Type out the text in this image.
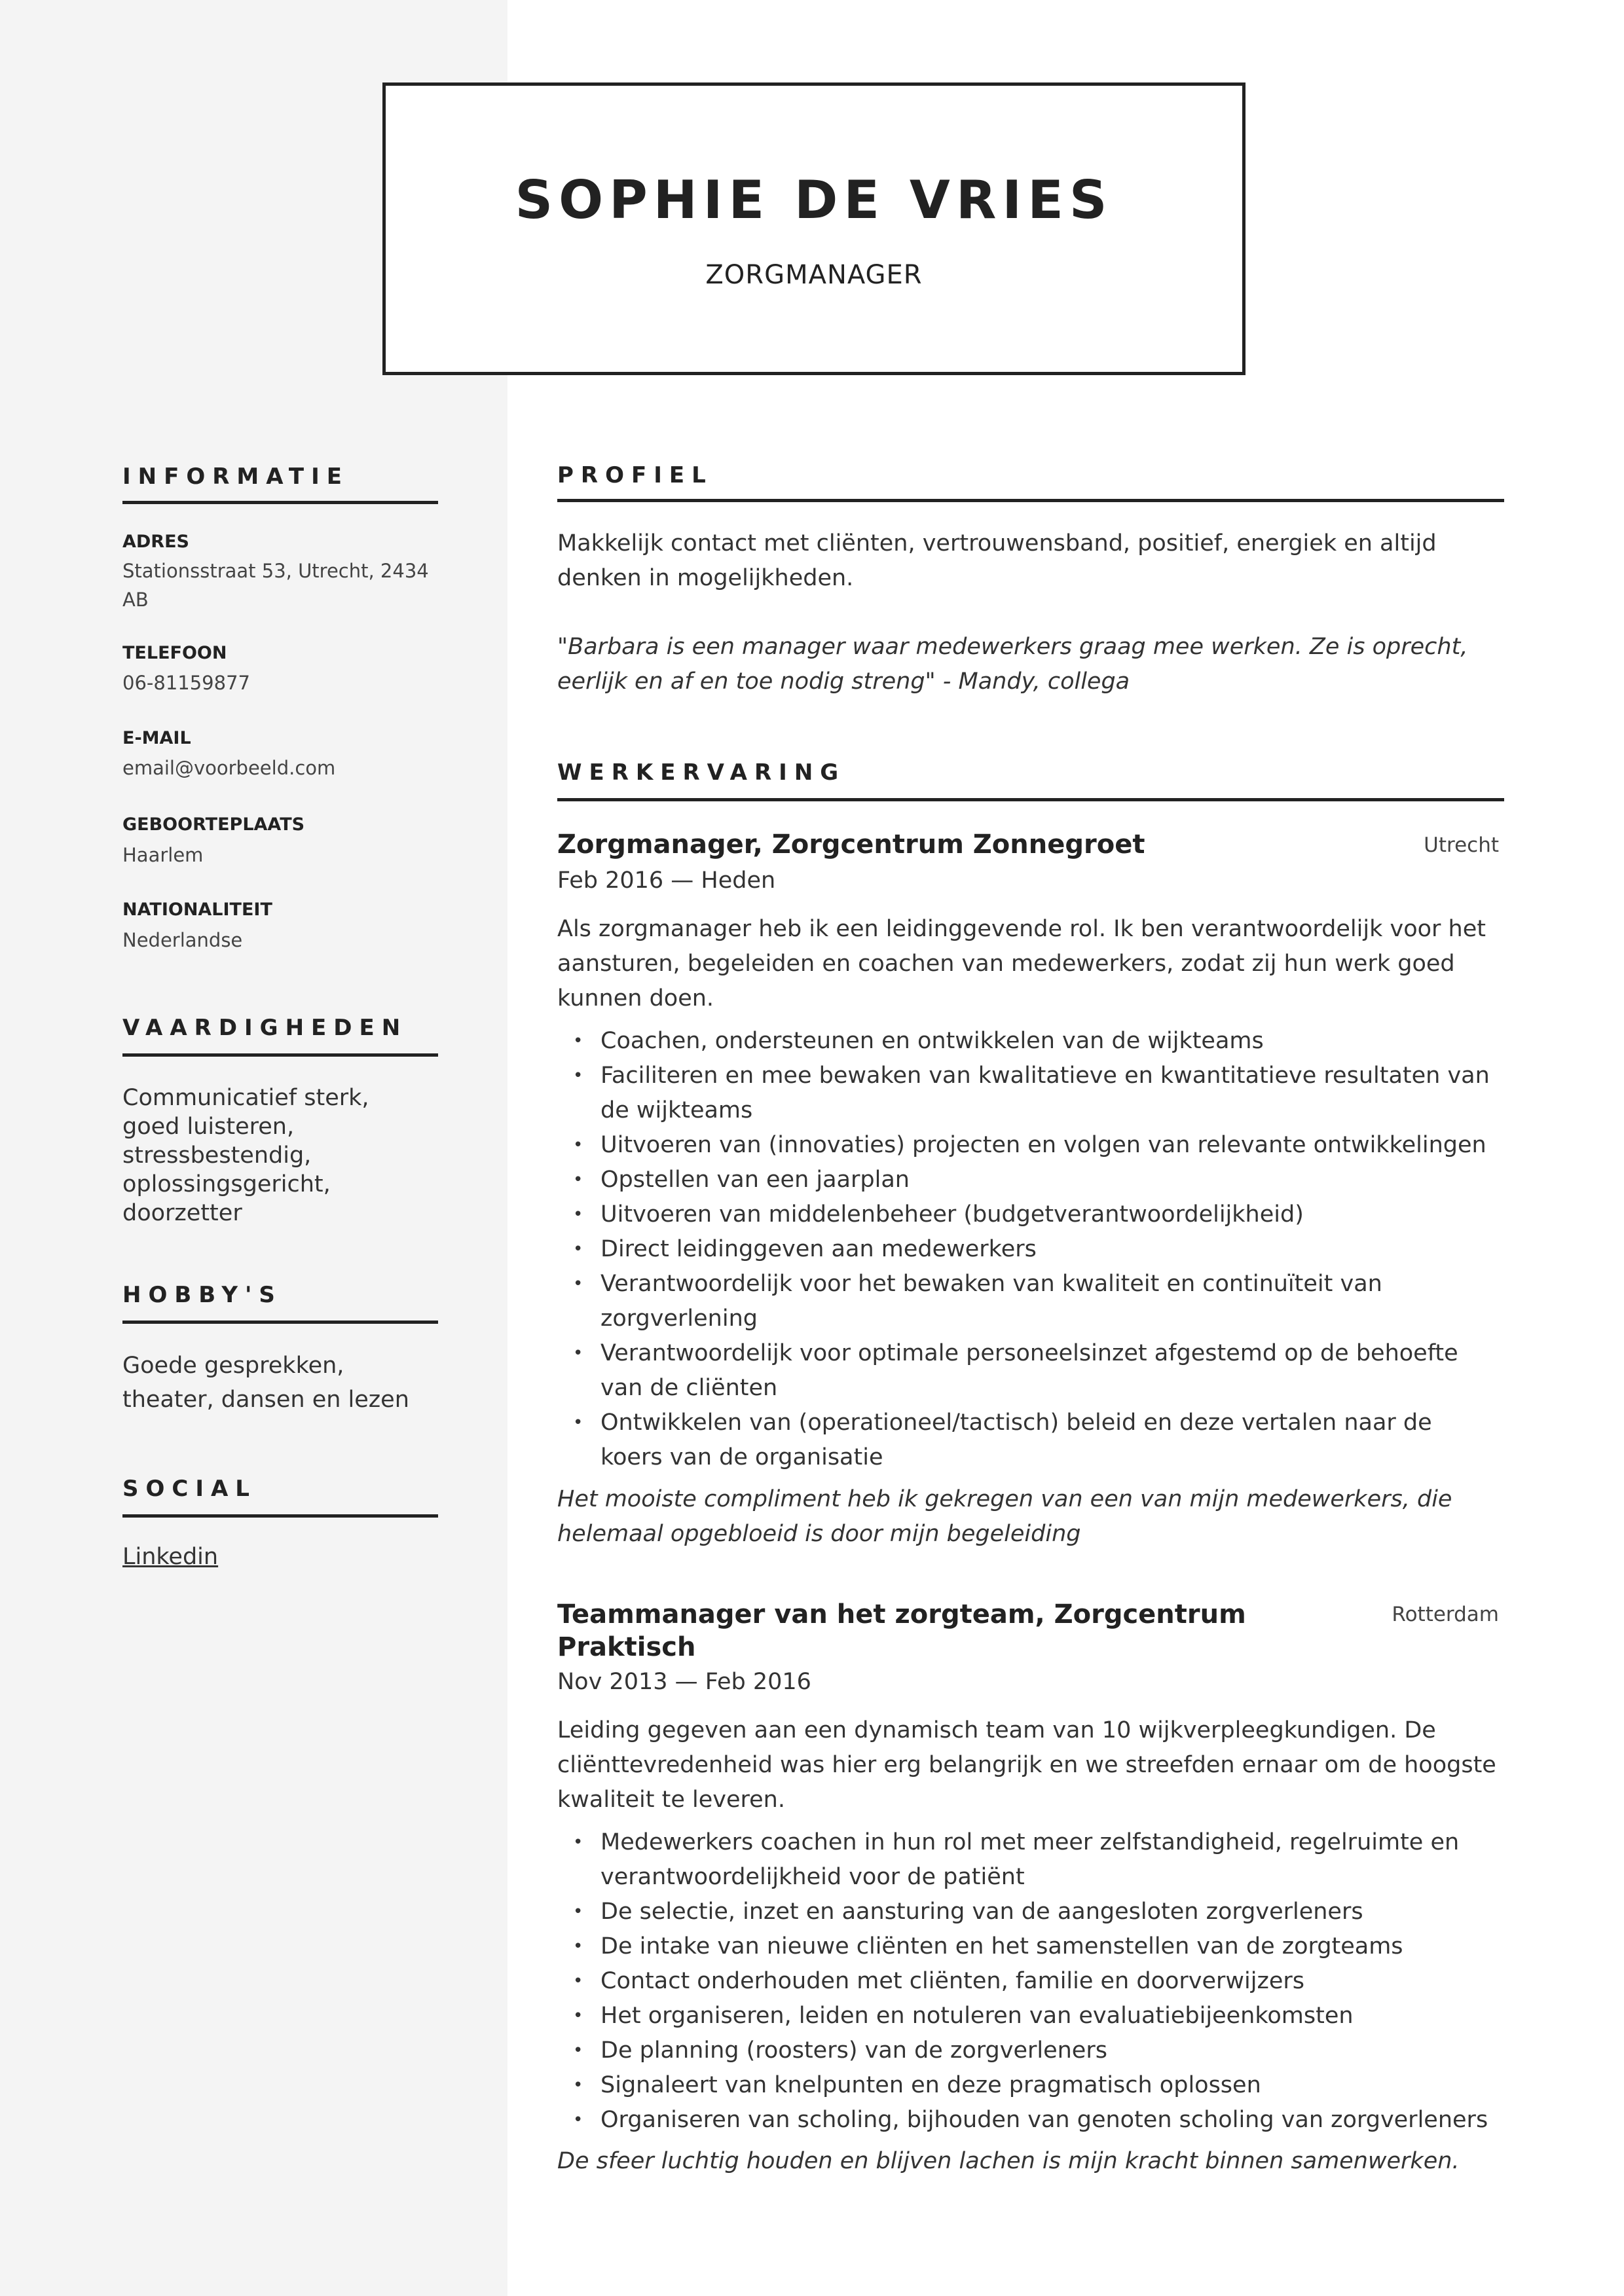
SOPHIE DE VRIES
ZORGMANAGER
INFORMATIE
ADRES
Stationsstraat 53, Utrecht, 2434 AB
TELEFOON
06-81159877
E-MAIL
email@voorbeeld.com
GEBOORTEPLAATS
Haarlem
NATIONALITEIT
Nederlandse
VAARDIGHEDEN
Communicatief sterk, goed luisteren, stressbestendig, oplossingsgericht, doorzetter
HOBBY'S
Goede gesprekken, theater, dansen en lezen
SOCIAL
Linkedin
PROFIEL
Makkelijk contact met cliënten, vertrouwensband, positief, energiek en altijd denken in mogelijkheden.
"Barbara is een manager waar medewerkers graag mee werken. Ze is oprecht, eerlijk en af en toe nodig streng" - Mandy, collega
WERKERVARING
Zorgmanager, Zorgcentrum Zonnegroet	Utrecht
Feb 2016 — Heden
Als zorgmanager heb ik een leidinggevende rol. Ik ben verantwoordelijk voor het aansturen, begeleiden en coachen van medewerkers, zodat zij hun werk goed kunnen doen.
• Coachen, ondersteunen en ontwikkelen van de wijkteams
• Faciliteren en mee bewaken van kwalitatieve en kwantitatieve resultaten van de wijkteams
• Uitvoeren van (innovaties) projecten en volgen van relevante ontwikkelingen
• Opstellen van een jaarplan
• Uitvoeren van middelenbeheer (budgetverantwoordelijkheid)
• Direct leidinggeven aan medewerkers
• Verantwoordelijk voor het bewaken van kwaliteit en continuïteit van zorgverlening
• Verantwoordelijk voor optimale personeelsinzet afgestemd op de behoefte van de cliënten
• Ontwikkelen van (operationeel/tactisch) beleid en deze vertalen naar de koers van de organisatie
Het mooiste compliment heb ik gekregen van een van mijn medewerkers, die helemaal opgebloeid is door mijn begeleiding
Teammanager van het zorgteam, Zorgcentrum Praktisch
Rotterdam
Nov 2013 — Feb 2016
Leiding gegeven aan een dynamisch team van 10 wijkverpleegkundigen. De cliënttevredenheid was hier erg belangrijk en we streefden ernaar om de hoogste kwaliteit te leveren.
• Medewerkers coachen in hun rol met meer zelfstandigheid, regelruimte en verantwoordelijkheid voor de patiënt
• De selectie, inzet en aansturing van de aangesloten zorgverleners
• De intake van nieuwe cliënten en het samenstellen van de zorgteams
• Contact onderhouden met cliënten, familie en doorverwijzers
• Het organiseren, leiden en notuleren van evaluatiebijeenkomsten
• De planning (roosters) van de zorgverleners
• Signaleert van knelpunten en deze pragmatisch oplossen
• Organiseren van scholing, bijhouden van genoten scholing van zorgverleners
De sfeer luchtig houden en blijven lachen is mijn kracht binnen samenwerken.
